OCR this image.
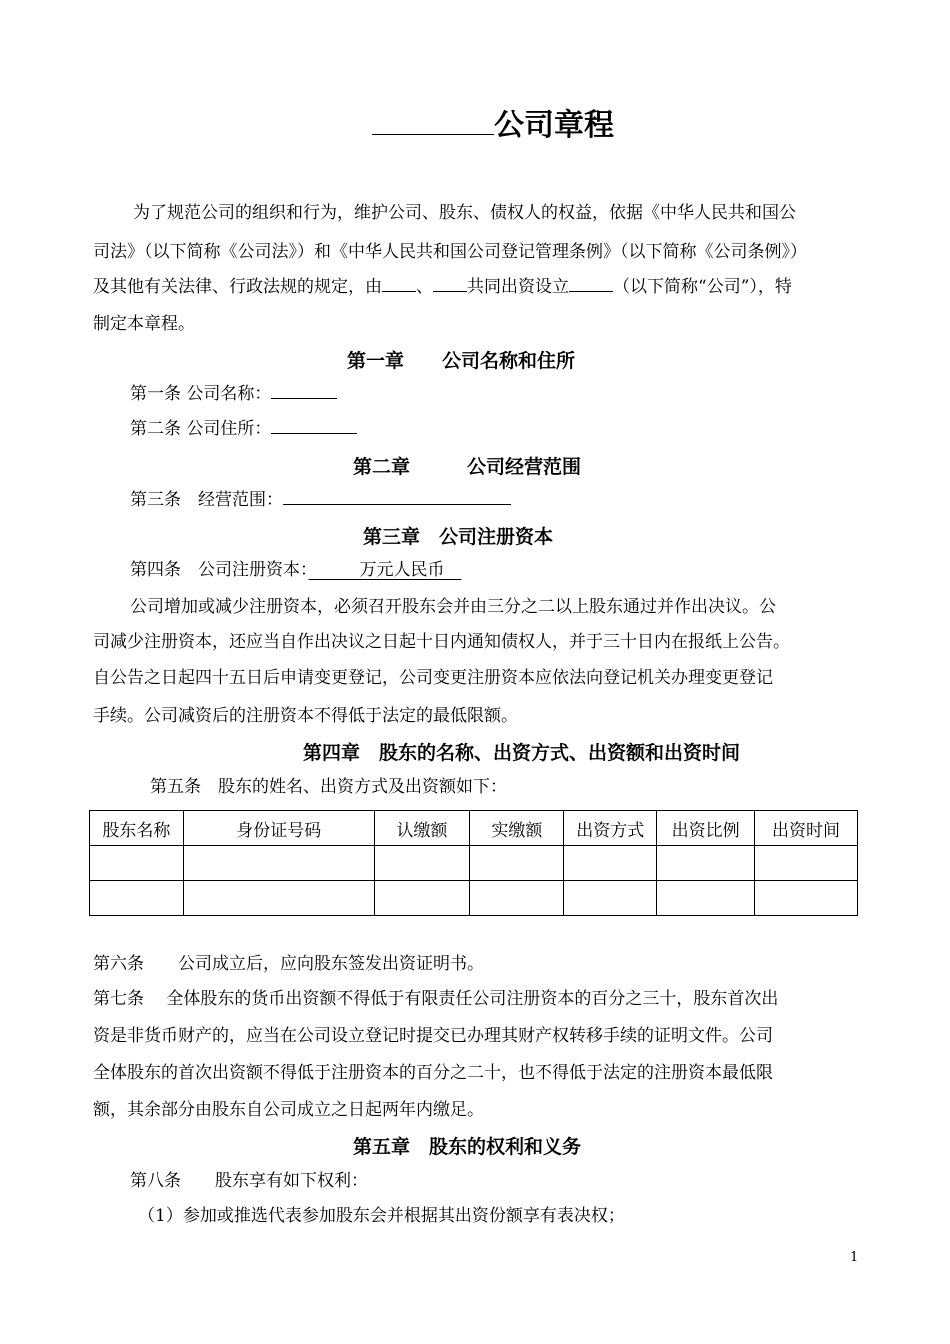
公司章程
为了规范公司的组织和行为，维护公司、股东、债权人的权益，依据《中华人民共和国公
司法》（以下简称《公司法》）和《中华人民共和国公司登记管理条例》（以下简称《公司条例》）
及其他有关法律、行政法规的规定，由 、 共同出资设立	（以下简称“公司”），特
制定本章程。
第一章　　公司名称和住所
第一条 公司名称：
第二条 公司住所：
第二章　　　公司经营范围
第三条　经营范围：
第三章　公司注册资本
第四条　公司注册资本：　　　万元人民币　
公司增加或减少注册资本，必须召开股东会并由三分之二以上股东通过并作出决议。公
司减少注册资本，还应当自作出决议之日起十日内通知债权人，并于三十日内在报纸上公告。
自公告之日起四十五日后申请变更登记，公司变更注册资本应依法向登记机关办理变更登记
手续。公司减资后的注册资本不得低于法定的最低限额。
第四章　股东的名称、出资方式、出资额和出资时间
第五条　股东的姓名、出资方式及出资额如下：
股东名称	身份证号码	认缴额	实缴额	出资方式	出资比例	出资时间

第六条　　公司成立后，应向股东签发出资证明书。
第七条　 全体股东的货币出资额不得低于有限责任公司注册资本的百分之三十，股东首次出
资是非货币财产的，应当在公司设立登记时提交已办理其财产权转移手续的证明文件。公司
全体股东的首次出资额不得低于注册资本的百分之二十，也不得低于法定的注册资本最低限
额，其余部分由股东自公司成立之日起两年内缴足。
第五章　股东的权利和义务
第八条　　股东享有如下权利：
（1）参加或推选代表参加股东会并根据其出资份额享有表决权；
1
